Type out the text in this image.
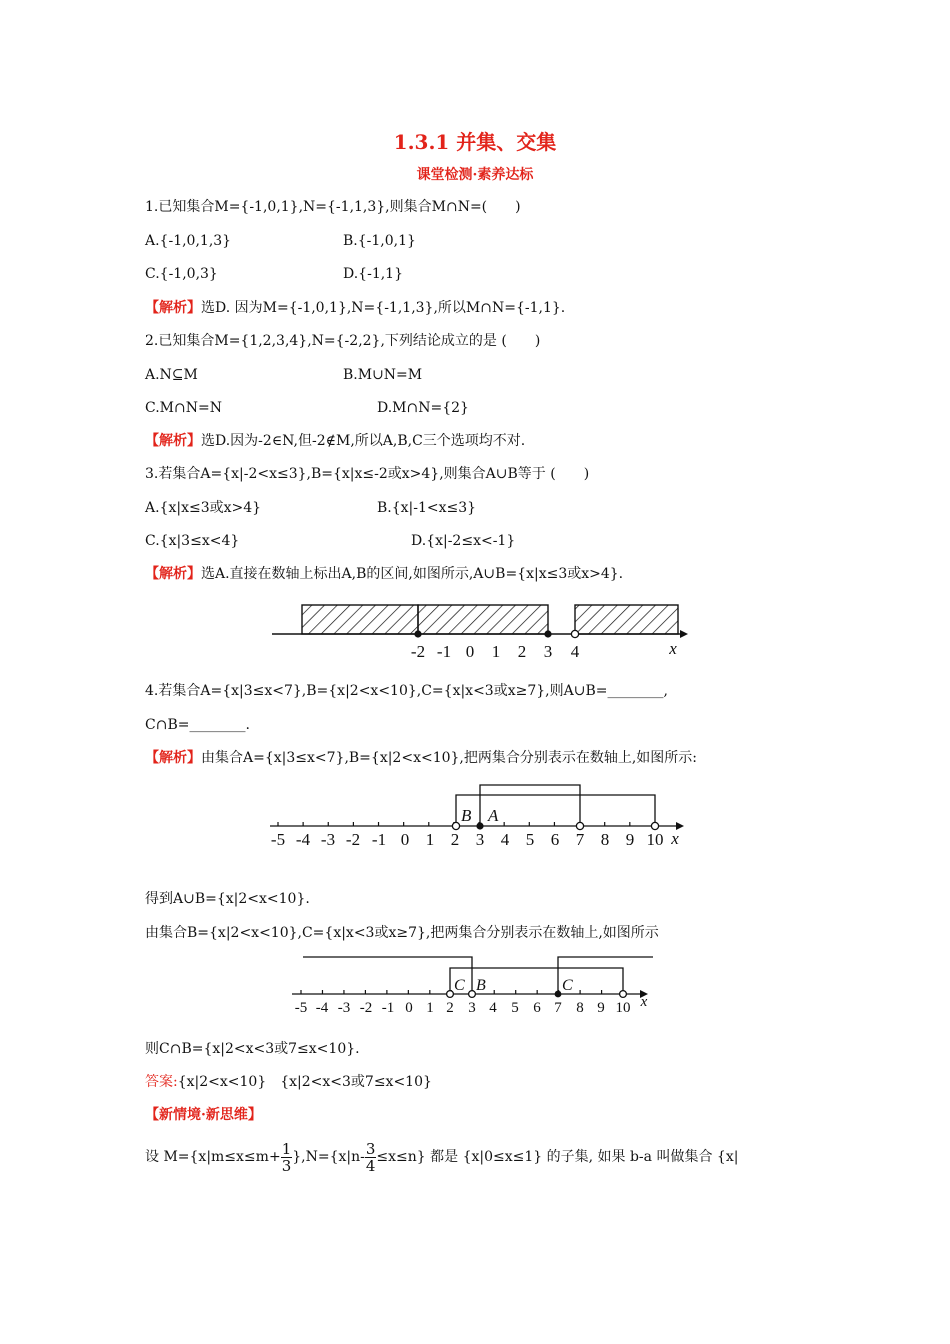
1.3.1 并集、交集
课堂检测·素养达标
1.已知集合M={-1,0,1},N={-1,1,3},则集合M∩N=(　　)
A.{-1,0,1,3}	B.{-1,0,1}
C.{-1,0,3}	D.{-1,1}
【解析】选D. 因为M={-1,0,1},N={-1,1,3},所以M∩N={-1,1}.
2.已知集合M={1,2,3,4},N={-2,2},下列结论成立的是 (　　)
A.N⊆M	B.M∪N=M
C.M∩N=N	D.M∩N={2}
【解析】选D.因为-2∈N,但-2∉M,所以A,B,C三个选项均不对.
3.若集合A={x|-2<x≤3},B={x|x≤-2或x>4},则集合A∪B等于 (　　)
A.{x|x≤3或x>4}	B.{x|-1<x≤3}
C.{x|3≤x<4}	D.{x|-2≤x<-1}
【解析】选A.直接在数轴上标出A,B的区间,如图所示,A∪B={x|x≤3或x>4}.
-2 -1 0 1 2 3 4	x
4.若集合A={x|3≤x<7},B={x|2<x<10},C={x|x<3或x≥7},则A∪B=________,
C∩B=________.
【解析】由集合A={x|3≤x<7},B={x|2<x<10},把两集合分别表示在数轴上,如图所示:
B A
-5 -4 -3 -2 -1 0 1 2 3 4 5 6 7 8 9 10 x
得到A∪B={x|2<x<10}.
由集合B={x|2<x<10},C={x|x<3或x≥7},把两集合分别表示在数轴上,如图所示
C B	C
-5 -4 -3 -2 -1 0 1 2 3 4 5 6 7 8 9 10 x
则C∩B={x|2<x<3或7≤x<10}.
答案:{x|2<x<10}　{x|2<x<3或7≤x<10}
【新情境·新思维】
设 $M=\{x|m\le x\le m+ \frac{1}{3} \},N=\{x|n- \frac{3}{4} \le x\le n\}$ 都是 {x|0≤x≤1} 的子集, 如果 b-a 叫做集合 {x|
